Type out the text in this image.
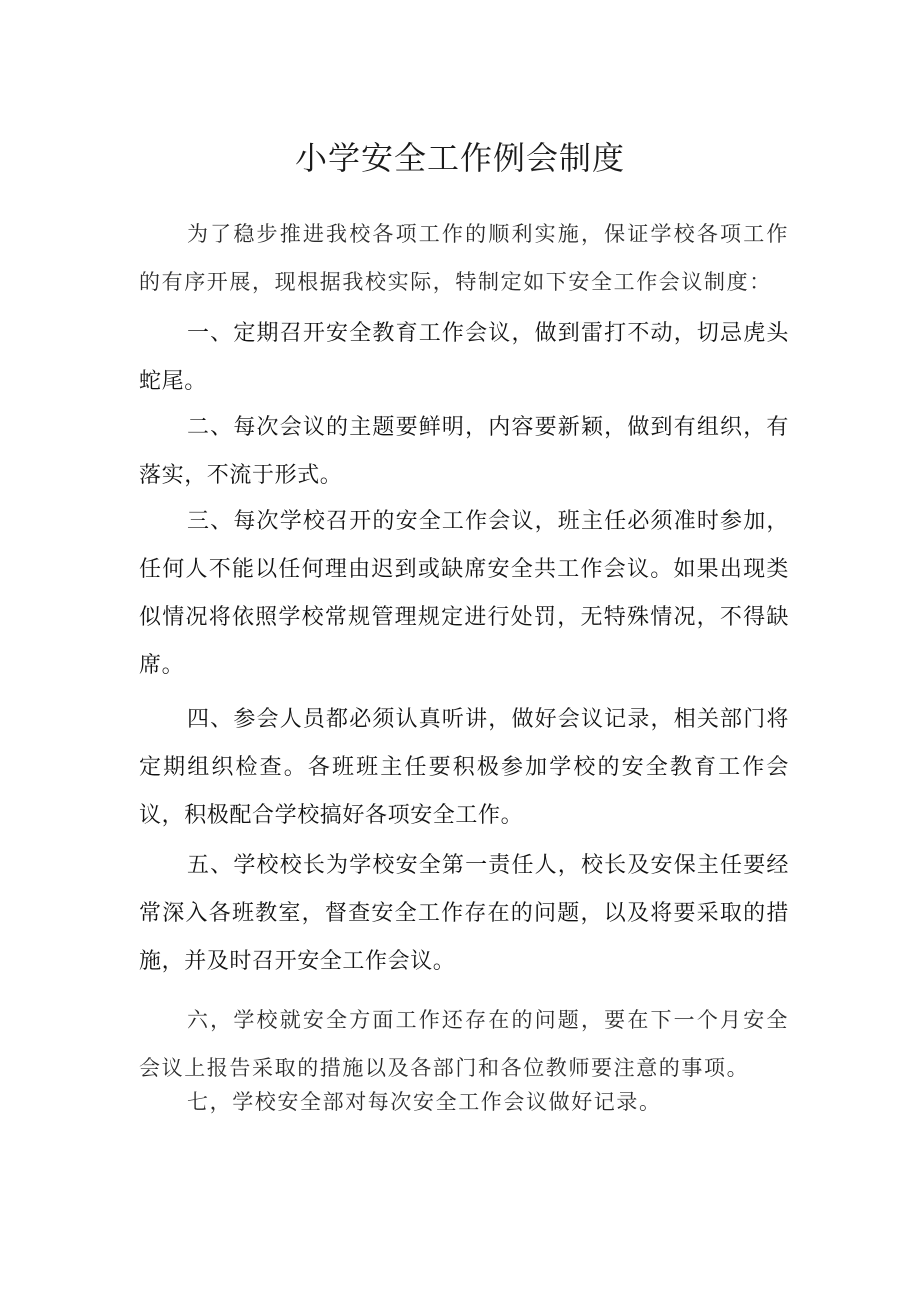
小学安全工作例会制度

为了稳步推进我校各项工作的顺利实施，保证学校各项工作的有序开展，现根据我校实际，特制定如下安全工作会议制度：

一、定期召开安全教育工作会议，做到雷打不动，切忌虎头蛇尾。

二、每次会议的主题要鲜明，内容要新颖，做到有组织，有落实，不流于形式。

三、每次学校召开的安全工作会议，班主任必须准时参加，任何人不能以任何理由迟到或缺席安全共工作会议。如果出现类似情况将依照学校常规管理规定进行处罚，无特殊情况，不得缺席。

四、参会人员都必须认真听讲，做好会议记录，相关部门将定期组织检查。各班班主任要积极参加学校的安全教育工作会议，积极配合学校搞好各项安全工作。

五、学校校长为学校安全第一责任人，校长及安保主任要经常深入各班教室，督查安全工作存在的问题，以及将要采取的措施，并及时召开安全工作会议。

六，学校就安全方面工作还存在的问题，要在下一个月安全会议上报告采取的措施以及各部门和各位教师要注意的事项。

七，学校安全部对每次安全工作会议做好记录。
